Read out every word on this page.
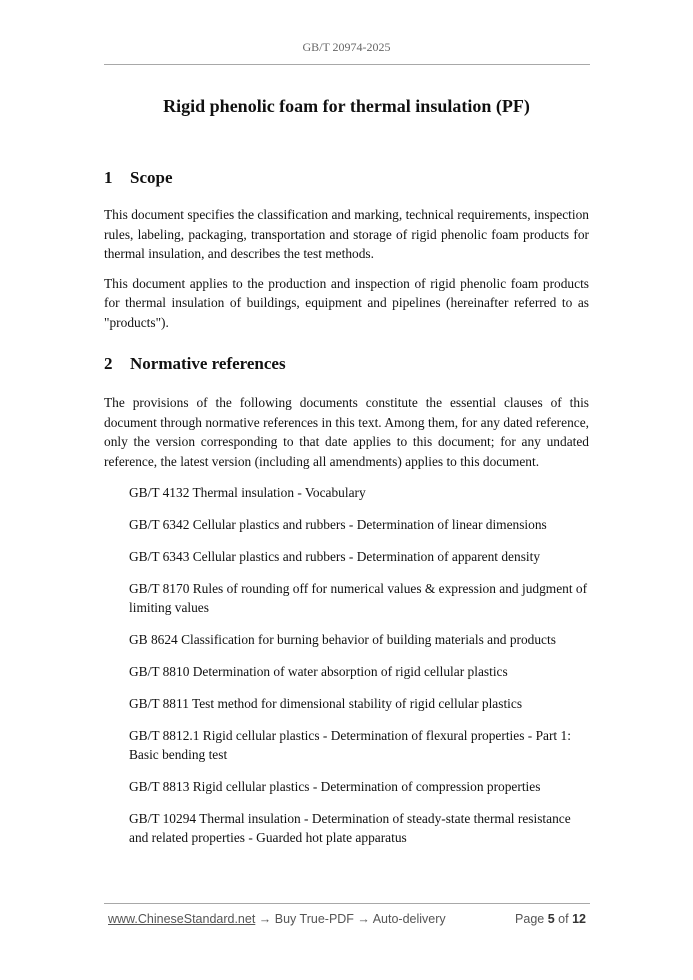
GB/T 20974-2025
Rigid phenolic foam for thermal insulation (PF)
1 Scope

This document specifies the classification and marking, technical requirements, inspection rules, labeling, packaging, transportation and storage of rigid phenolic foam products for thermal insulation, and describes the test methods.

This document applies to the production and inspection of rigid phenolic foam products for thermal insulation of buildings, equipment and pipelines (hereinafter referred to as "products").

2 Normative references

The provisions of the following documents constitute the essential clauses of this document through normative references in this text. Among them, for any dated reference, only the version corresponding to that date applies to this document; for any undated reference, the latest version (including all amendments) applies to this document.

GB/T 4132 Thermal insulation - Vocabulary
GB/T 6342 Cellular plastics and rubbers - Determination of linear dimensions
GB/T 6343 Cellular plastics and rubbers - Determination of apparent density
GB/T 8170 Rules of rounding off for numerical values & expression and judgment of limiting values
GB 8624 Classification for burning behavior of building materials and products
GB/T 8810 Determination of water absorption of rigid cellular plastics
GB/T 8811 Test method for dimensional stability of rigid cellular plastics
GB/T 8812.1 Rigid cellular plastics - Determination of flexural properties - Part 1: Basic bending test
GB/T 8813 Rigid cellular plastics - Determination of compression properties
GB/T 10294 Thermal insulation - Determination of steady-state thermal resistance and related properties - Guarded hot plate apparatus
www.ChineseStandard.net → Buy True-PDF → Auto-delivery	Page 5 of 12
